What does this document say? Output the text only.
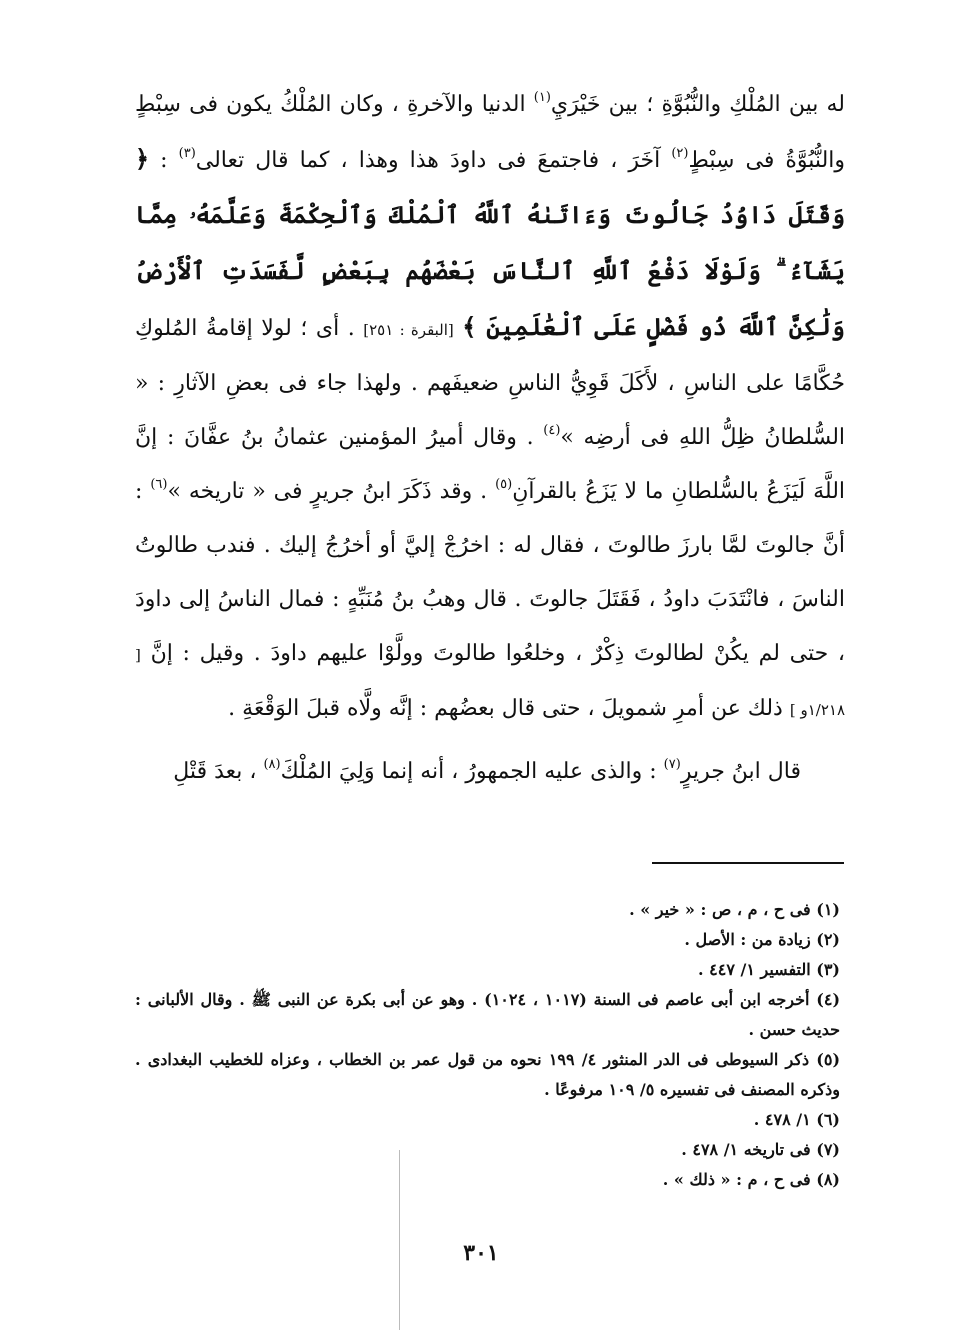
له بين المُلْكِ والنُّبُوَّةِ ؛ بين خَيْرَيِ$^{(١)}$ الدنيا والآخرةِ ، وكان المُلْكُ يكون فى سِبْطٍ والنُّبُوَّةُ فى سِبْطٍ$^{(٢)}$ آخَرَ ، فاجتمعَ فى داودَ هذا وهذا ، كما قال تعالى$^{(٣)}$ : ﴿ وَقَتَلَ دَاوُدُ جَالُوتَ وَءَاتَىٰهُ ٱللَّهُ ٱلْمُلْكَ وَٱلْحِكْمَةَ وَعَلَّمَهُۥ مِمَّا يَشَآءُ ۗ وَلَوْلَا دَفْعُ ٱللَّهِ ٱلنَّاسَ بَعْضَهُم بِبَعْضٍ لَّفَسَدَتِ ٱلْأَرْضُ وَلَٰكِنَّ ٱللَّهَ ذُو فَضْلٍ عَلَى ٱلْعَٰلَمِينَ ﴾ [البقرة : ٢٥١] . أى ؛ لولا إقامةُ المُلوكِ حُكَّامًا على الناسِ ، لأَكَلَ قَوِيُّ الناسِ ضعيفَهم . ولهذا جاء فى بعضِ الآثارِ : « السُّلطانُ ظِلُّ اللهِ فى أرضِه »$^{(٤)}$ . وقال أميرُ المؤمنين عثمانُ بنُ عفَّانَ : إنَّ اللَّهَ لَيَزَعُ بالسُّلطانِ ما لا يَزَعُ بالقرآنِ$^{(٥)}$ . وقد ذَكَرَ ابنُ جريرٍ فى « تاريخه »$^{(٦)}$ : أنَّ جالوتَ لمَّا بارزَ طالوتَ ، فقال له : اخرُجْ إليَّ أو أخرُجُ إليك . فندب طالوتُ الناسَ ، فانْتَدَبَ داودُ ، فَقَتَلَ جالوتَ . قال وهبُ بنُ مُنَبِّهٍ : فمال الناسُ إلى داودَ ، حتى لم يكُنْ لطالوتَ ذِكْرٌ ، وخلعُوا طالوتَ وولَّوْا عليهم داودَ . وقيل : إنَّ [ ١/٢١٨و ] ذلك عن أمرِ شمويلَ ، حتى قال بعضُهم : إنَّه ولَّاه قبلَ الوَقْعَةِ .

قال ابنُ جريرٍ$^{(٧)}$ : والذى عليه الجمهورُ ، أنه إنما وَلِيَ المُلْكَ$^{(٨)}$ ، بعدَ قَتْلِ

(١) فى ح ، م ، ص : « خير » .

(٢) زيادة من : الأصل .

(٣) التفسير ١/ ٤٤٧ .

(٤) أخرجه ابن أبى عاصم فى السنة (١٠١٧ ، ١٠٢٤) . وهو عن أبى بكرة عن النبى ﷺ . وقال الألبانى : حديث حسن .

(٥) ذكر السيوطى فى الدر المنثور ٤/ ١٩٩ نحوه من قول عمر بن الخطاب ، وعزاه للخطيب البغدادى . وذكره المصنف فى تفسيره ٥/ ١٠٩ مرفوعًا .

(٦) ١/ ٤٧٨ .

(٧) فى تاريخه ١/ ٤٧٨ .

(٨) فى ح ، م : « ذلك » .

٣٠١
